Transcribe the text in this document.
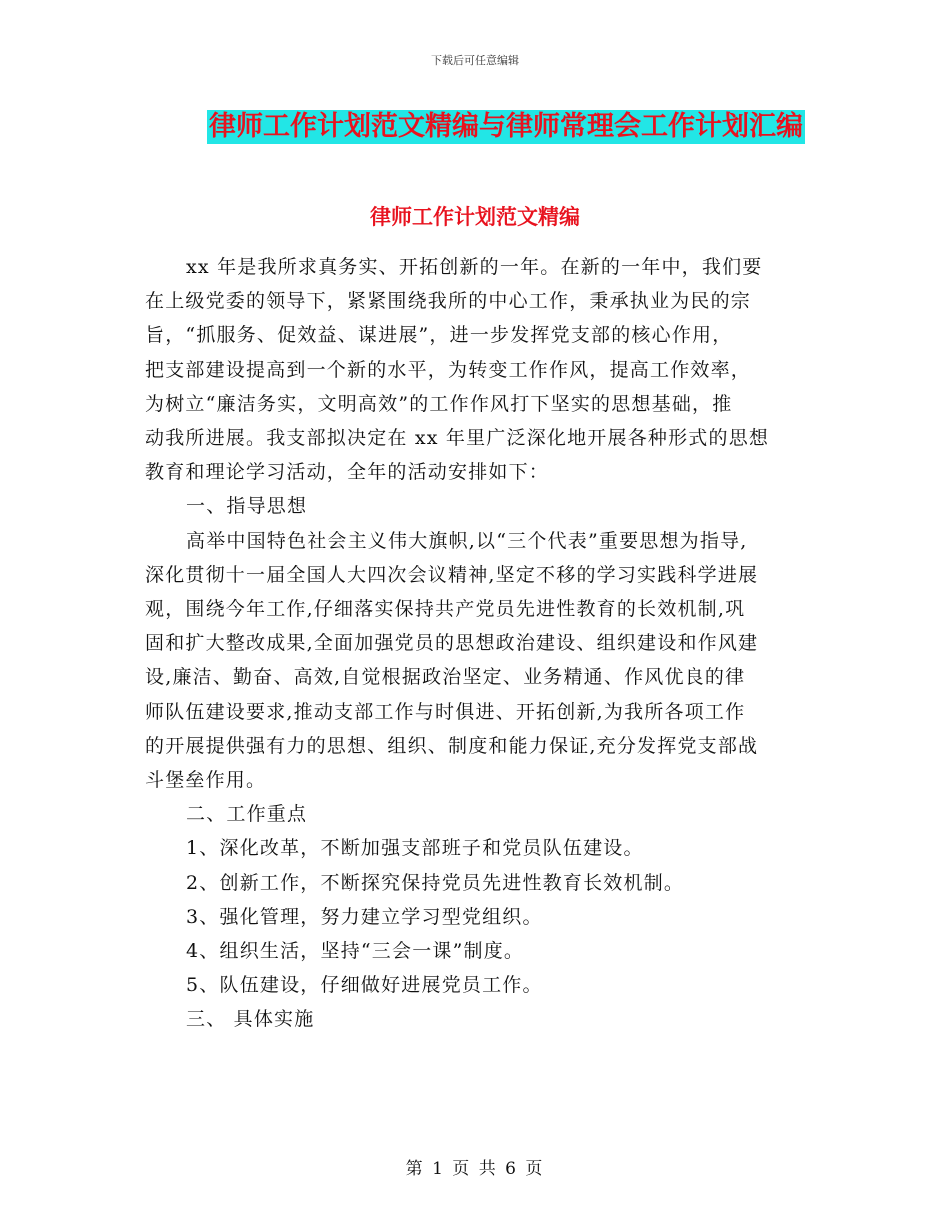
下载后可任意编辑
律师工作计划范文精编与律师常理会工作计划汇编
律师工作计划范文精编
xx 年是我所求真务实、开拓创新的一年。在新的一年中，我们要
在上级党委的领导下，紧紧围绕我所的中心工作，秉承执业为民的宗
旨，“抓服务、促效益、谋进展”，进一步发挥党支部的核心作用，
把支部建设提高到一个新的水平，为转变工作作风，提高工作效率，
为树立“廉洁务实，文明高效”的工作作风打下坚实的思想基础，推
动我所进展。我支部拟决定在 xx 年里广泛深化地开展各种形式的思想
教育和理论学习活动，全年的活动安排如下：
一、指导思想
高举中国特色社会主义伟大旗帜,以“三个代表”重要思想为指导,
深化贯彻十一届全国人大四次会议精神,坚定不移的学习实践科学进展
观，围绕今年工作,仔细落实保持共产党员先进性教育的长效机制,巩
固和扩大整改成果,全面加强党员的思想政治建设、组织建设和作风建
设,廉洁、勤奋、高效,自觉根据政治坚定、业务精通、作风优良的律
师队伍建设要求,推动支部工作与时俱进、开拓创新,为我所各项工作
的开展提供强有力的思想、组织、制度和能力保证,充分发挥党支部战
斗堡垒作用。
二、工作重点
1、深化改革，不断加强支部班子和党员队伍建设。
2、创新工作，不断探究保持党员先进性教育长效机制。
3、强化管理，努力建立学习型党组织。
4、组织生活，坚持“三会一课”制度。
5、队伍建设，仔细做好进展党员工作。
三、 具体实施
第 1 页 共 6 页
